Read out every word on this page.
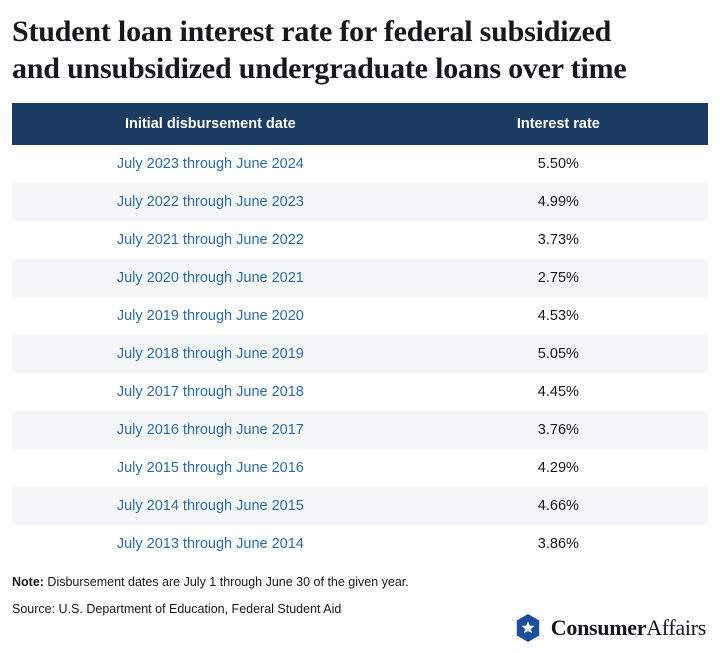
Student loan interest rate for federal subsidized and unsubsidized undergraduate loans over time
Initial disbursement date	Interest rate
July 2023 through June 2024	5.50%
July 2022 through June 2023	4.99%
July 2021 through June 2022	3.73%
July 2020 through June 2021	2.75%
July 2019 through June 2020	4.53%
July 2018 through June 2019	5.05%
July 2017 through June 2018	4.45%
July 2016 through June 2017	3.76%
July 2015 through June 2016	4.29%
July 2014 through June 2015	4.66%
July 2013 through June 2014	3.86%
Note: Disbursement dates are July 1 through June 30 of the given year.
Source: U.S. Department of Education, Federal Student Aid
ConsumerAffairs
